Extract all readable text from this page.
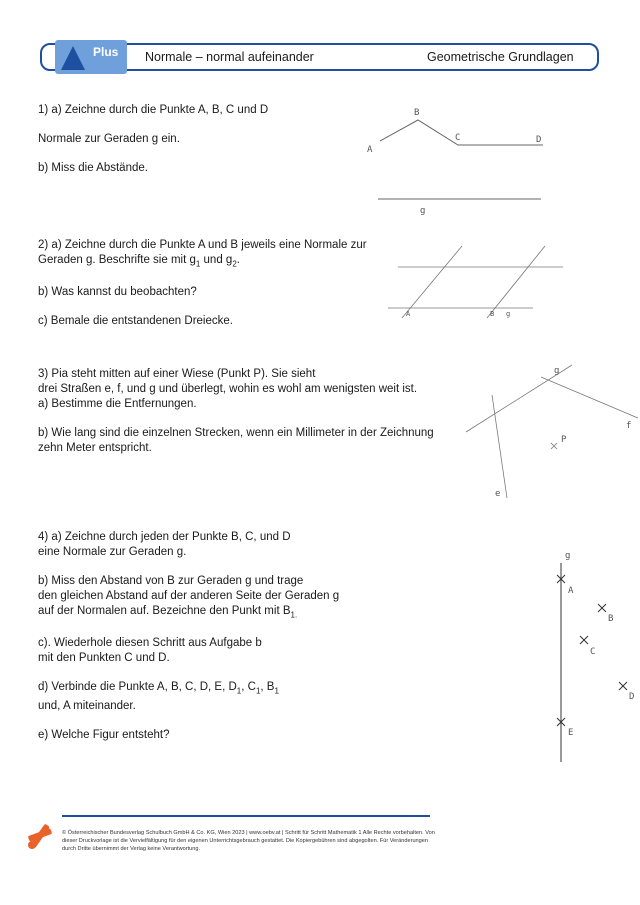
Plus Normale – normal aufeinander	Geometrische Grundlagen

1) a) Zeichne durch die Punkte A, B, C und D

Normale zur Geraden g ein.

b) Miss die Abstände.

2) a) Zeichne durch die Punkte A und B jeweils eine Normale zur

Geraden g. Beschrifte sie mit $g_1$ und $g_2$.

b) Was kannst du beobachten?

c) Bemale die entstandenen Dreiecke.

3) Pia steht mitten auf einer Wiese (Punkt P). Sie sieht

drei Straßen e, f, und g und überlegt, wohin es wohl am wenigsten weit ist.

a) Bestimme die Entfernungen.

b) Wie lang sind die einzelnen Strecken, wenn ein Millimeter in der Zeichnung

zehn Meter entspricht.

4) a) Zeichne durch jeden der Punkte B, C, und D

eine Normale zur Geraden g.

b) Miss den Abstand von B zur Geraden g und trage

den gleichen Abstand auf der anderen Seite der Geraden g

auf der Normalen auf. Bezeichne den Punkt mit $B_{1.}$

c). Wiederhole diesen Schritt aus Aufgabe b

mit den Punkten C und D.

d) Verbinde die Punkte A, B, C, D, E, $D_1$, $C_1$, $B_1$

und, A miteinander.

e) Welche Figur entsteht?

A
B
C	D
g
A	B g
g
f
P
e
g
A
B
C
D
E
© Österreichischer Bundesverlag Schulbuch GmbH & Co. KG, Wien 2023 | www.oebv.at | Schritt für Schritt Mathematik 1 Alle Rechte vorbehalten. Von dieser Druckvorlage ist die Vervielfältigung für den eigenen Unterrichtsgebrauch gestattet. Die Kopiergebühren sind abgegolten. Für Veränderungen durch Dritte übernimmt der Verlag keine Verantwortung.
